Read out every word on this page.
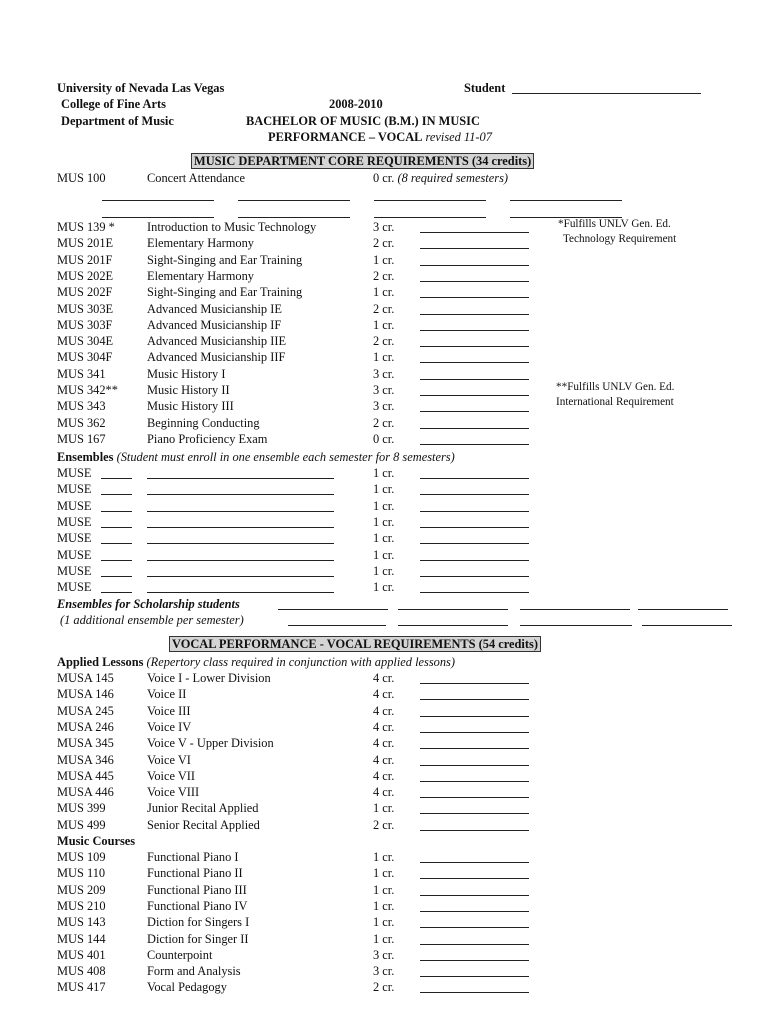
University of Nevada Las Vegas	Student
College of Fine Arts	2008-2010
Department of Music	BACHELOR OF MUSIC (B.M.) IN MUSIC
PERFORMANCE – VOCAL revised 11-07
MUSIC DEPARTMENT CORE REQUIREMENTS (34 credits)
MUS 100	Concert Attendance	0 cr. (8 required semesters)
MUS 139 *	Introduction to Music Technology	3 cr.
MUS 201E	Elementary Harmony	2 cr.
MUS 201F	Sight-Singing and Ear Training	1 cr.
MUS 202E	Elementary Harmony	2 cr.
MUS 202F	Sight-Singing and Ear Training	1 cr.
MUS 303E	Advanced Musicianship IE	2 cr.
MUS 303F	Advanced Musicianship IF	1 cr.
MUS 304E	Advanced Musicianship IIE	2 cr.
MUS 304F	Advanced Musicianship IIF	1 cr.
MUS 341	Music History I	3 cr.
MUS 342** Music History II	3 cr.
MUS 343	Music History III	3 cr.
MUS 362	Beginning Conducting	2 cr.
MUS 167	Piano Proficiency Exam	0 cr.
*Fulfills UNLV Gen. Ed.
Technology Requirement
**Fulfills UNLV Gen. Ed.
International Requirement
Ensembles (Student must enroll in one ensemble each semester for 8 semesters)
MUSE	1 cr.
MUSE	1 cr.
MUSE	1 cr.
MUSE	1 cr.
MUSE	1 cr.
MUSE	1 cr.
MUSE	1 cr.
MUSE	1 cr.
Ensembles for Scholarship students
(1 additional ensemble per semester)
VOCAL PERFORMANCE - VOCAL REQUIREMENTS (54 credits)
Applied Lessons (Repertory class required in conjunction with applied lessons)
MUSA 145	Voice I - Lower Division	4 cr.
MUSA 146	Voice II	4 cr.
MUSA 245	Voice III	4 cr.
MUSA 246	Voice IV	4 cr.
MUSA 345	Voice V - Upper Division	4 cr.
MUSA 346	Voice VI	4 cr.
MUSA 445	Voice VII	4 cr.
MUSA 446	Voice VIII	4 cr.
MUS 399	Junior Recital Applied	1 cr.
MUS 499	Senior Recital Applied	2 cr.
Music Courses
MUS 109	Functional Piano I	1 cr.
MUS 110	Functional Piano II	1 cr.
MUS 209	Functional Piano III	1 cr.
MUS 210	Functional Piano IV	1 cr.
MUS 143	Diction for Singers I	1 cr.
MUS 144	Diction for Singer II	1 cr.
MUS 401	Counterpoint	3 cr.
MUS 408	Form and Analysis	3 cr.
MUS 417	Vocal Pedagogy	2 cr.
